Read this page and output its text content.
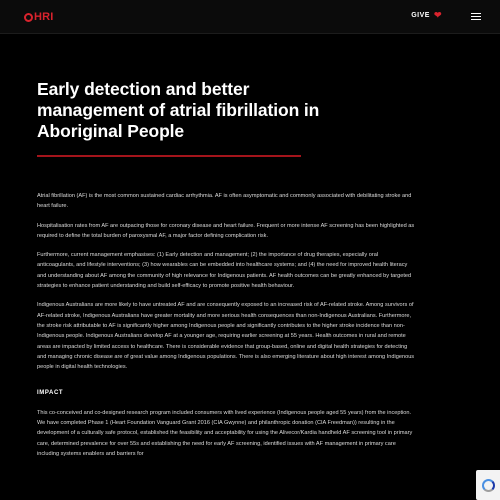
HRI	GIVE ❤
Early detection and better management of atrial fibrillation in Aboriginal People

Atrial fibrillation (AF) is the most common sustained cardiac arrhythmia. AF is often asymptomatic and commonly associated with debilitating stroke and heart failure.

Hospitalisation rates from AF are outpacing those for coronary disease and heart failure. Frequent or more intense AF screening has been highlighted as required to define the total burden of paroxysmal AF, a major factor defining complication risk.

Furthermore, current management emphasises: (1) Early detection and management; (2) the importance of drug therapies, especially oral anticoagulants, and lifestyle interventions; (3) how wearables can be embedded into healthcare systems; and (4) the need for improved health literacy and understanding about AF among the community of high relevance for Indigenous patients. AF health outcomes can be greatly enhanced by targeted strategies to enhance patient understanding and build self-efficacy to promote positive health behaviour.

Indigenous Australians are more likely to have untreated AF and are consequently exposed to an increased risk of AF-related stroke. Among survivors of AF-related stroke, Indigenous Australians have greater mortality and more serious health consequences than non-Indigenous Australians. Furthermore, the stroke risk attributable to AF is significantly higher among Indigenous people and significantly contributes to the higher stroke incidence than non-Indigenous people. Indigenous Australians develop AF at a younger age, requiring earlier screening at 55 years. Health outcomes in rural and remote areas are impacted by limited access to healthcare. There is considerable evidence that group-based, online and digital health strategies for detecting and managing chronic disease are of great value among Indigenous populations. There is also emerging literature about high interest among Indigenous people in digital health technologies.

IMPACT

This co-conceived and co-designed research program included consumers with lived experience (Indigenous people aged 55 years) from the inception. We have completed Phase 1 (Heart Foundation Vanguard Grant 2016 (CIA Gwynne) and philanthropic donation (CIA Freedman)) resulting in the development of a culturally safe protocol, established the feasibility and acceptability for using the Alivecor/Kardia handheld AF screening tool in primary care, determined prevalence for over 55s and establishing the need for early AF screening, identified issues with AF management in primary care including systems enablers and barriers for
